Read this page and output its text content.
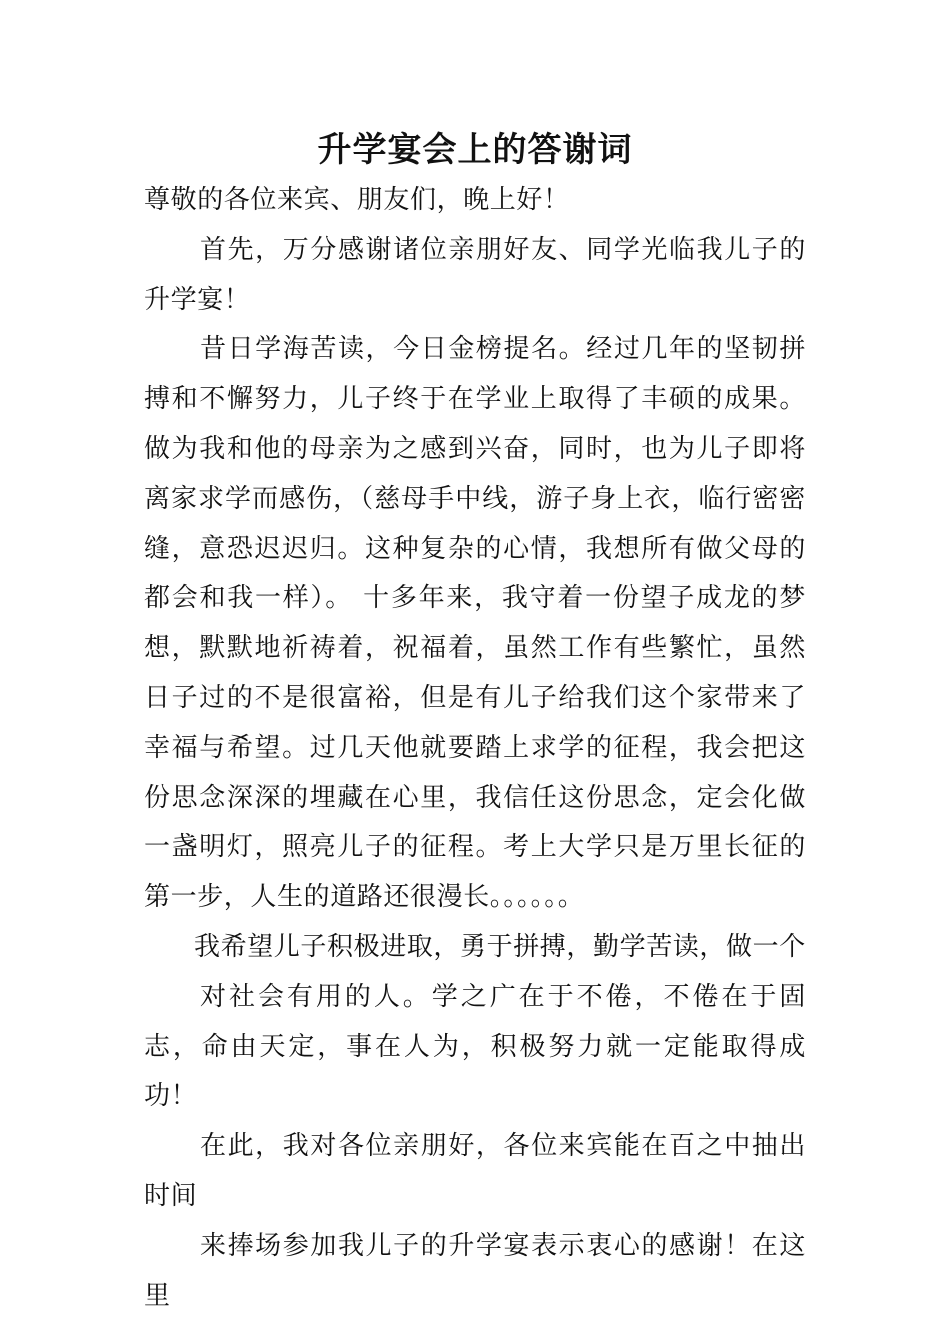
升学宴会上的答谢词

尊敬的各位来宾、朋友们，晚上好！

首先，万分感谢诸位亲朋好友、同学光临我儿子的升学宴！

昔日学海苦读，今日金榜提名。经过几年的坚韧拼搏和不懈努力，儿子终于在学业上取得了丰硕的成果。做为我和他的母亲为之感到兴奋，同时，也为儿子即将离家求学而感伤，（慈母手中线，游子身上衣，临行密密缝，意恐迟迟归。这种复杂的心情，我想所有做父母的都会和我一样）。 十多年来，我守着一份望子成龙的梦想，默默地祈祷着，祝福着，虽然工作有些繁忙，虽然日子过的不是很富裕，但是有儿子给我们这个家带来了幸福与希望。过几天他就要踏上求学的征程，我会把这份思念深深的埋藏在心里，我信任这份思念，定会化做一盏明灯，照亮儿子的征程。考上大学只是万里长征的第一步，人生的道路还很漫长。。。。。。

我希望儿子积极进取，勇于拼搏，勤学苦读，做一个

对社会有用的人。学之广在于不倦，不倦在于固志，命由天定，事在人为，积极努力就一定能取得成功！

在此，我对各位亲朋好，各位来宾能在百之中抽出时间

来捧场参加我儿子的升学宴表示衷心的感谢！在这里
